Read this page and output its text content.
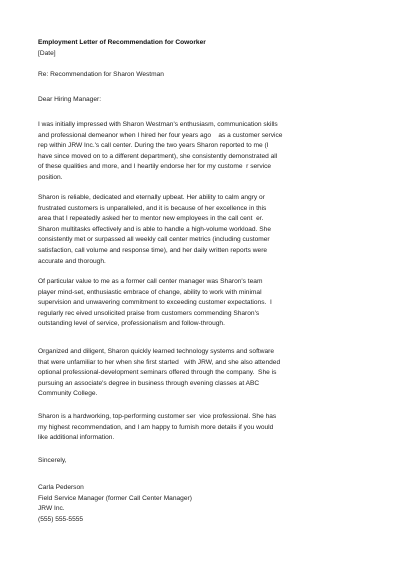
Employment Letter of Recommendation for Coworker
[Date]
Re: Recommendation for Sharon Westman
Dear Hiring Manager:
I was initially impressed with Sharon Westman's enthusiasm, communication skills
and professional demeanor when I hired her four years ago    as a customer service
rep within JRW Inc.'s call center. During the two years Sharon reported to me (I
have since moved on to a different department), she consistently demonstrated all
of these qualities and more, and I heartily endorse her for my custome  r service
position.
Sharon is reliable, dedicated and eternally upbeat. Her ability to calm angry or
frustrated customers is unparalleled, and it is because of her excellence in this
area that I repeatedly asked her to mentor new employees in the call cent  er.
Sharon multitasks effectively and is able to handle a high-volume workload. She
consistently met or surpassed all weekly call center metrics (including customer
satisfaction, call volume and response time), and her daily written reports were
accurate and thorough.
Of particular value to me as a former call center manager was Sharon's team
player mind-set, enthusiastic embrace of change, ability to work with minimal
supervision and unwavering commitment to exceeding customer expectations.  I
regularly rec eived unsolicited praise from customers commending Sharon's
outstanding level of service, professionalism and follow-through.
Organized and diligent, Sharon quickly learned technology systems and software
that were unfamiliar to her when she first started   with JRW, and she also attended
optional professional-development seminars offered through the company.  She is
pursuing an associate's degree in business through evening classes at ABC
Community College.
Sharon is a hardworking, top-performing customer ser  vice professional. She has
my highest recommendation, and I am happy to furnish more details if you would
like additional information.
Sincerely,
Carla Pederson
Field Service Manager (former Call Center Manager)
JRW Inc.
(555) 555-5555
